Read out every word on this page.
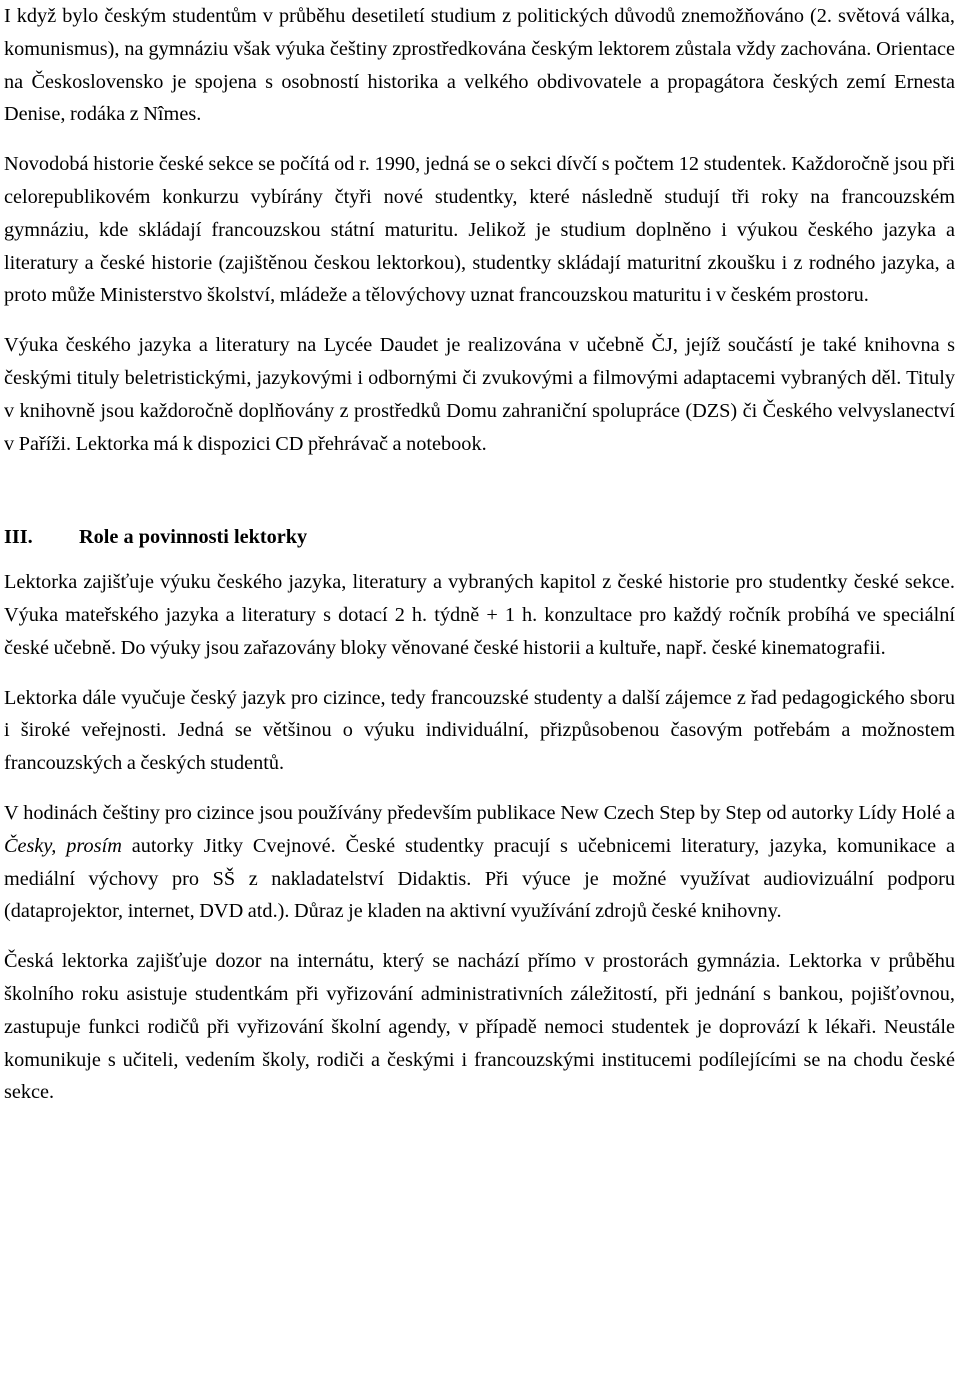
I když bylo českým studentům v průběhu desetiletí studium z politických důvodů znemožňováno (2. světová válka, komunismus), na gymnáziu však výuka češtiny zprostředkována českým lektorem zůstala vždy zachována. Orientace na Československo je spojena s osobností historika a velkého obdivovatele a propagátora českých zemí Ernesta Denise, rodáka z Nîmes.

Novodobá historie české sekce se počítá od r. 1990, jedná se o sekci dívčí s počtem 12 studentek. Každoročně jsou při celorepublikovém konkurzu vybírány čtyři nové studentky, které následně studují tři roky na francouzském gymnáziu, kde skládají francouzskou státní maturitu. Jelikož je studium doplněno i výukou českého jazyka a literatury a české historie (zajištěnou českou lektorkou), studentky skládají maturitní zkoušku i z rodného jazyka, a proto může Ministerstvo školství, mládeže a tělovýchovy uznat francouzskou maturitu i v českém prostoru.

Výuka českého jazyka a literatury na Lycée Daudet je realizována v učebně ČJ, jejíž součástí je také knihovna s českými tituly beletristickými, jazykovými i odbornými či zvukovými a filmovými adaptacemi vybraných děl. Tituly v knihovně jsou každoročně doplňovány z prostředků Domu zahraniční spolupráce (DZS) či Českého velvyslanectví v Paříži. Lektorka má k dispozici CD přehrávač a notebook.

III.	Role a povinnosti lektorky

Lektorka zajišťuje výuku českého jazyka, literatury a vybraných kapitol z české historie pro studentky české sekce. Výuka mateřského jazyka a literatury s dotací 2 h. týdně + 1 h. konzultace pro každý ročník probíhá ve speciální české učebně. Do výuky jsou zařazovány bloky věnované české historii a kultuře, např. české kinematografii.

Lektorka dále vyučuje český jazyk pro cizince, tedy francouzské studenty a další zájemce z řad pedagogického sboru i široké veřejnosti. Jedná se většinou o výuku individuální, přizpůsobenou časovým potřebám a možnostem francouzských a českých studentů.

V hodinách češtiny pro cizince jsou používány především publikace New Czech Step by Step od autorky Lídy Holé a Česky, prosím autorky Jitky Cvejnové. České studentky pracují s učebnicemi literatury, jazyka, komunikace a mediální výchovy pro SŠ z nakladatelství Didaktis. Při výuce je možné využívat audiovizuální podporu (dataprojektor, internet, DVD atd.). Důraz je kladen na aktivní využívání zdrojů české knihovny.

Česká lektorka zajišťuje dozor na internátu, který se nachází přímo v prostorách gymnázia. Lektorka v průběhu školního roku asistuje studentkám při vyřizování administrativních záležitostí, při jednání s bankou, pojišťovnou, zastupuje funkci rodičů při vyřizování školní agendy, v případě nemoci studentek je doprovází k lékaři. Neustále komunikuje s učiteli, vedením školy, rodiči a českými i francouzskými institucemi podílejícími se na chodu české sekce.
